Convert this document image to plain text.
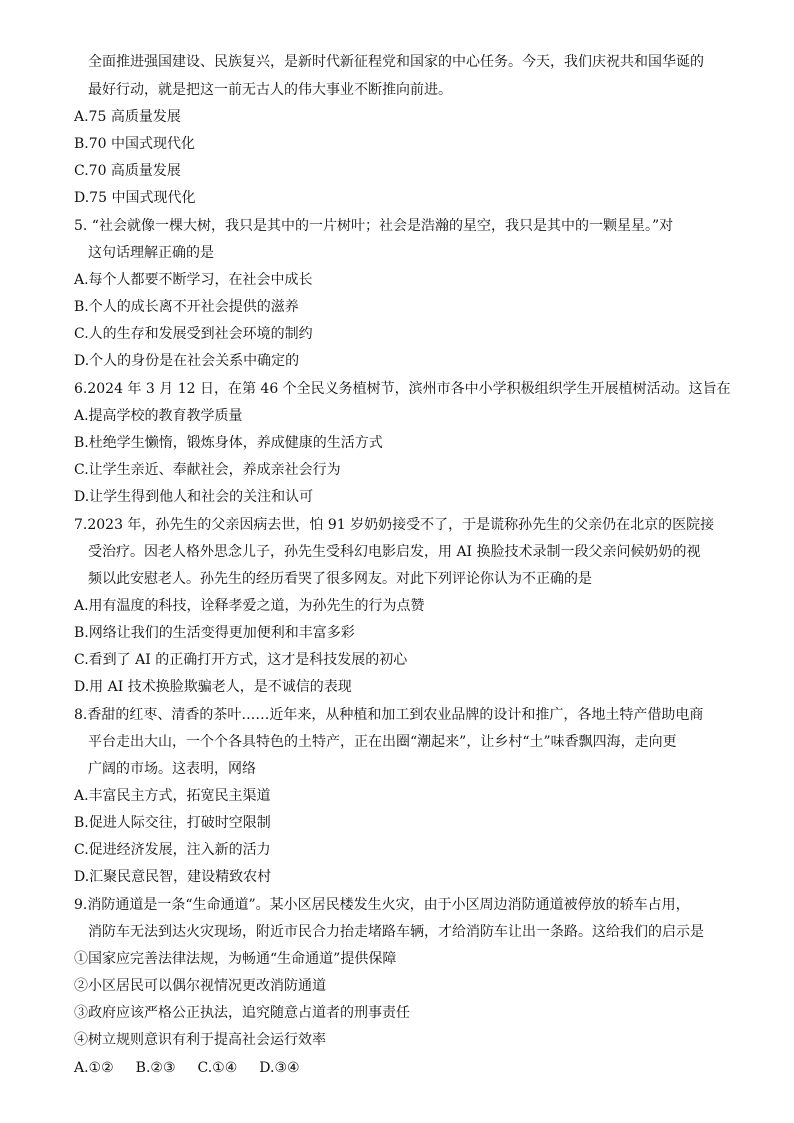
全面推进强国建设、民族复兴，是新时代新征程党和国家的中心任务。今天，我们庆祝共和国华诞的
最好行动，就是把这一前无古人的伟大事业不断推向前进。
A.75 高质量发展
B.70 中国式现代化
C.70 高质量发展
D.75 中国式现代化
5. “社会就像一棵大树，我只是其中的一片树叶；社会是浩瀚的星空，我只是其中的一颗星星。”对
这句话理解正确的是
A.每个人都要不断学习，在社会中成长
B.个人的成长离不开社会提供的滋养
C.人的生存和发展受到社会环境的制约
D.个人的身份是在社会关系中确定的
6.2024 年 3 月 12 日，在第 46 个全民义务植树节，滨州市各中小学积极组织学生开展植树活动。这旨在
A.提高学校的教育教学质量
B.杜绝学生懒惰，锻炼身体，养成健康的生活方式
C.让学生亲近、奉献社会，养成亲社会行为
D.让学生得到他人和社会的关注和认可
7.2023 年，孙先生的父亲因病去世，怕 91 岁奶奶接受不了，于是谎称孙先生的父亲仍在北京的医院接
受治疗。因老人格外思念儿子，孙先生受科幻电影启发，用 AI 换脸技术录制一段父亲问候奶奶的视
频以此安慰老人。孙先生的经历看哭了很多网友。对此下列评论你认为不正确的是
A.用有温度的科技，诠释孝爱之道，为孙先生的行为点赞
B.网络让我们的生活变得更加便利和丰富多彩
C.看到了 AI 的正确打开方式，这才是科技发展的初心
D.用 AI 技术换脸欺骗老人，是不诚信的表现
8.香甜的红枣、清香的茶叶……近年来，从种植和加工到农业品牌的设计和推广，各地土特产借助电商
平台走出大山，一个个各具特色的土特产，正在出圈“潮起来”，让乡村“土”味香飘四海，走向更
广阔的市场。这表明，网络
A.丰富民主方式，拓宽民主渠道
B.促进人际交往，打破时空限制
C.促进经济发展，注入新的活力
D.汇聚民意民智，建设精致农村
9.消防通道是一条“生命通道”。某小区居民楼发生火灾，由于小区周边消防通道被停放的轿车占用，
消防车无法到达火灾现场，附近市民合力抬走堵路车辆，才给消防车让出一条路。这给我们的启示是
①国家应完善法律法规，为畅通“生命通道”提供保障
②小区居民可以偶尔视情况更改消防通道
③政府应该严格公正执法，追究随意占道者的刑事责任
④树立规则意识有利于提高社会运行效率
A.①② B.②③ C.①④ D.③④
